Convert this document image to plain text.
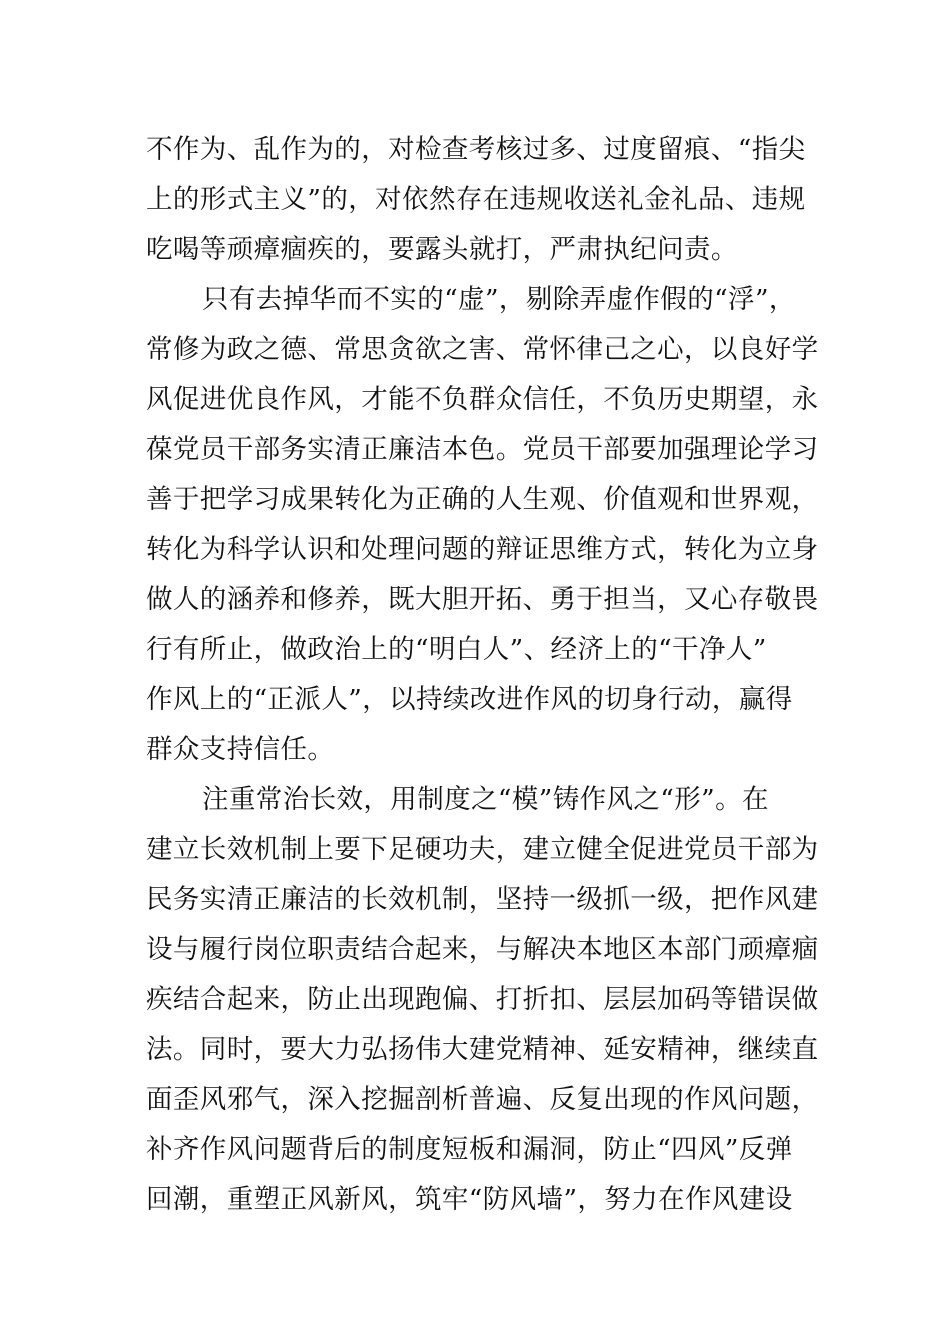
不作为、乱作为的，对检查考核过多、过度留痕、“指尖
上的形式主义”的，对依然存在违规收送礼金礼品、违规
吃喝等顽瘴痼疾的，要露头就打，严肃执纪问责。
只有去掉华而不实的“虚”，剔除弄虚作假的“浮”，
常修为政之德、常思贪欲之害、常怀律己之心，以良好学
风促进优良作风，才能不负群众信任，不负历史期望，永
葆党员干部务实清正廉洁本色。党员干部要加强理论学习
善于把学习成果转化为正确的人生观、价值观和世界观，
转化为科学认识和处理问题的辩证思维方式，转化为立身
做人的涵养和修养，既大胆开拓、勇于担当，又心存敬畏
行有所止，做政治上的“明白人”、经济上的“干净人”
作风上的“正派人”，以持续改进作风的切身行动，赢得
群众支持信任。
注重常治长效，用制度之“模”铸作风之“形”。在
建立长效机制上要下足硬功夫，建立健全促进党员干部为
民务实清正廉洁的长效机制，坚持一级抓一级，把作风建
设与履行岗位职责结合起来，与解决本地区本部门顽瘴痼
疾结合起来，防止出现跑偏、打折扣、层层加码等错误做
法。同时，要大力弘扬伟大建党精神、延安精神，继续直
面歪风邪气，深入挖掘剖析普遍、反复出现的作风问题，
补齐作风问题背后的制度短板和漏洞，防止“四风”反弹
回潮，重塑正风新风，筑牢“防风墙”，努力在作风建设
